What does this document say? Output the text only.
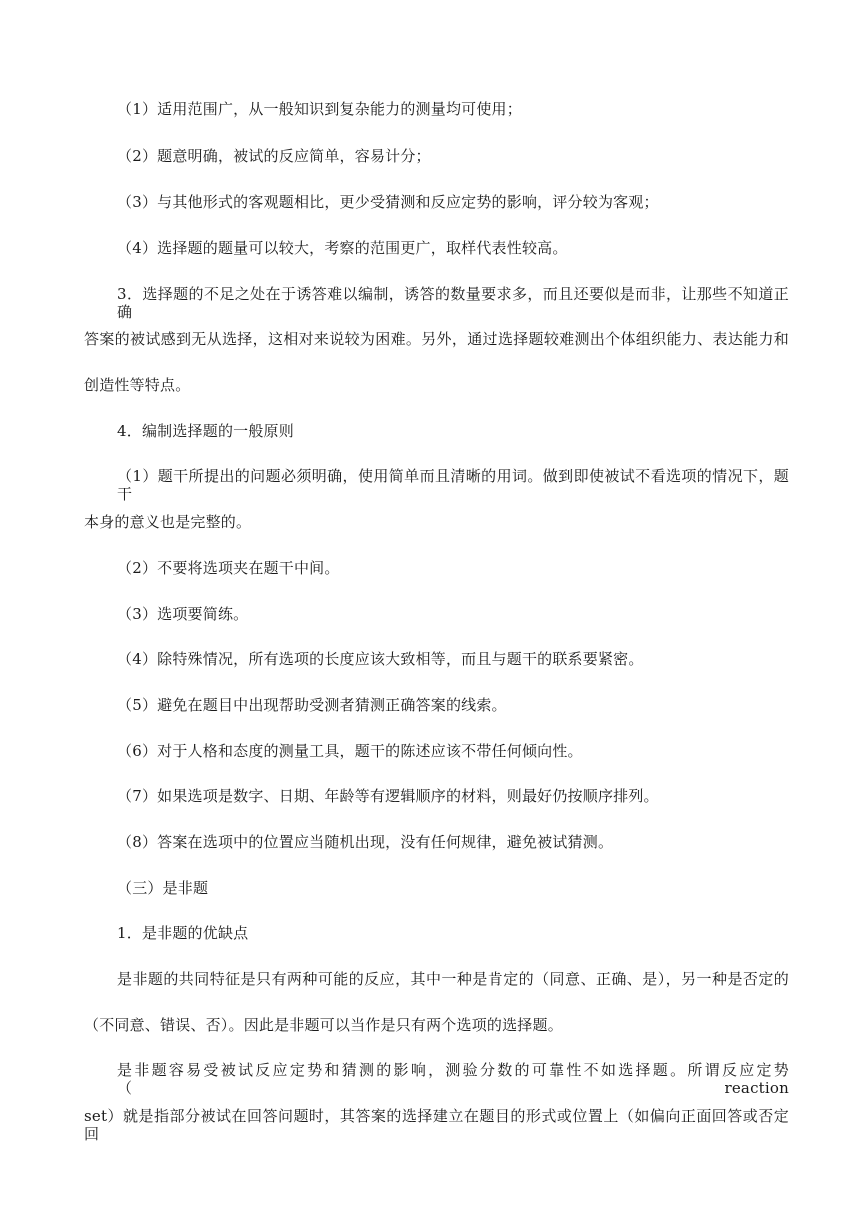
（1）适用范围广，从一般知识到复杂能力的测量均可使用；
（2）题意明确，被试的反应简单，容易计分；
（3）与其他形式的客观题相比，更少受猜测和反应定势的影响，评分较为客观；
（4）选择题的题量可以较大，考察的范围更广，取样代表性较高。
3．选择题的不足之处在于诱答难以编制，诱答的数量要求多，而且还要似是而非，让那些不知道正确
答案的被试感到无从选择，这相对来说较为困难。另外，通过选择题较难测出个体组织能力、表达能力和
创造性等特点。
4．编制选择题的一般原则
（1）题干所提出的问题必须明确，使用简单而且清晰的用词。做到即使被试不看选项的情况下，题干
本身的意义也是完整的。
（2）不要将选项夹在题干中间。
（3）选项要简练。
（4）除特殊情况，所有选项的长度应该大致相等，而且与题干的联系要紧密。
（5）避免在题目中出现帮助受测者猜测正确答案的线索。
（6）对于人格和态度的测量工具，题干的陈述应该不带任何倾向性。
（7）如果选项是数字、日期、年龄等有逻辑顺序的材料，则最好仍按顺序排列。
（8）答案在选项中的位置应当随机出现，没有任何规律，避免被试猜测。
（三）是非题
1．是非题的优缺点
是非题的共同特征是只有两种可能的反应，其中一种是肯定的（同意、正确、是），另一种是否定的
（不同意、错误、否）。因此是非题可以当作是只有两个选项的选择题。
是非题容易受被试反应定势和猜测的影响，测验分数的可靠性不如选择题。所谓反应定势（reaction
set）就是指部分被试在回答问题时，其答案的选择建立在题目的形式或位置上（如偏向正面回答或否定回
